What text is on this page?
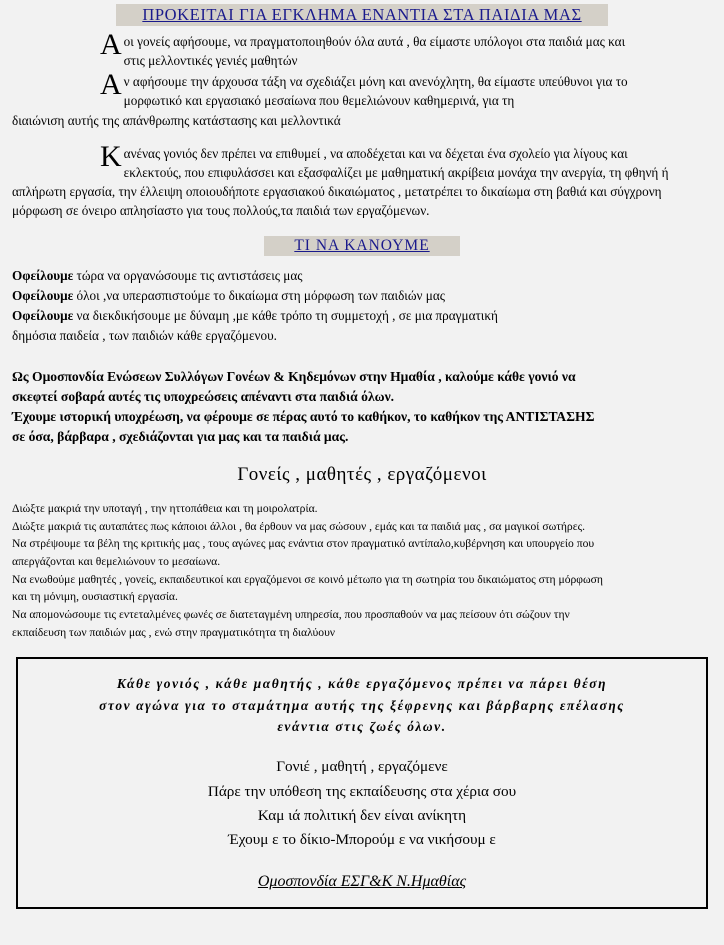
ΠΡΟΚΕΙΤΑΙ ΓΙΑ ΕΓΚΛΗΜΑ ΕΝΑΝΤΙΑ ΣΤΑ ΠΑΙΔΙΑ ΜΑΣ
Α οι γονείς αφήσουμε, να πραγματοποιηθούν όλα αυτά , θα είμαστε υπόλογοι στα παιδιά μας και

στις μελλοντικές γενιές μαθητών

Α ν αφήσουμε την άρχουσα τάξη να σχεδιάζει μόνη και ανενόχλητη, θα είμαστε υπεύθυνοι για το

μορφωτικό και εργασιακό μεσαίωνα που θεμελιώνουν καθημερινά, για τη

διαιώνιση αυτής της απάνθρωπης κατάστασης και μελλοντικά

Κ ανένας γονιός δεν πρέπει να επιθυμεί , να αποδέχεται και να δέχεται ένα σχολείο για λίγους και

εκλεκτούς, που επιφυλάσσει και εξασφαλίζει με μαθηματική ακρίβεια μονάχα την ανεργία, τη φθηνή ή

απλήρωτη εργασία, την έλλειψη οποιουδήποτε εργασιακού δικαιώματος , μετατρέπει το δικαίωμα στη βαθιά και σύγχρονη

μόρφωση σε όνειρο απλησίαστο για τους πολλούς,τα παιδιά των εργαζόμενων.

ΤΙ ΝΑ ΚΑΝΟΥΜΕ
Οφείλουμε τώρα να οργανώσουμε τις αντιστάσεις μας
Οφείλουμε όλοι ,να υπερασπιστούμε το δικαίωμα στη μόρφωση των παιδιών μας
Οφείλουμε να διεκδικήσουμε με δύναμη ,με κάθε τρόπο τη συμμετοχή , σε μια πραγματική
δημόσια παιδεία , των παιδιών κάθε εργαζόμενου.
Ως Ομοσπονδία Ενώσεων Συλλόγων Γονέων & Κηδεμόνων στην Ημαθία , καλούμε κάθε γονιό να
σκεφτεί σοβαρά αυτές τις υποχρεώσεις απέναντι στα παιδιά όλων.
Έχουμε ιστορική υποχρέωση, να φέρουμε σε πέρας αυτό το καθήκον, το καθήκον της ΑΝΤΙΣΤΑΣΗΣ
σε όσα, βάρβαρα , σχεδιάζονται για μας και τα παιδιά μας.
Γονείς , μαθητές , εργαζόμενοι
Διώξτε μακριά την υποταγή , την ηττοπάθεια και τη μοιρολατρία.
Διώξτε μακριά τις αυταπάτες πως κάποιοι άλλοι , θα έρθουν να μας σώσουν , εμάς και τα παιδιά μας , σα μαγικοί σωτήρες.
Να στρέψουμε τα βέλη της κριτικής μας , τους αγώνες μας ενάντια στον πραγματικό αντίπαλο,κυβέρνηση και υπουργείο που
απεργάζονται και θεμελιώνουν το μεσαίωνα.
Να ενωθούμε μαθητές , γονείς, εκπαιδευτικοί και εργαζόμενοι σε κοινό μέτωπο για τη σωτηρία του δικαιώματος στη μόρφωση
και τη μόνιμη, ουσιαστική εργασία.
Να απομονώσουμε τις εντεταλμένες φωνές σε διατεταγμένη υπηρεσία, που προσπαθούν να μας πείσουν ότι σώζουν την
εκπαίδευση των παιδιών μας , ενώ στην πραγματικότητα τη διαλύουν
Κάθε γονιός , κάθε μαθητής , κάθε εργαζόμενος πρέπει να πάρει θέση
στον αγώνα για το σταμάτημα αυτής της ξέφρενης και βάρβαρης επέλασης
ενάντια στις ζωές όλων.
Γονιέ , μαθητή , εργαζόμενε
Πάρε την υπόθεση της εκπαίδευσης στα χέρια σου
Καμ ιά πολιτική δεν είναι ανίκητη
Έχουμ ε το δίκιο-Μπορούμ ε να νικήσουμ ε
Ομοσπονδία ΕΣΓ&Κ Ν.Ημαθίας
